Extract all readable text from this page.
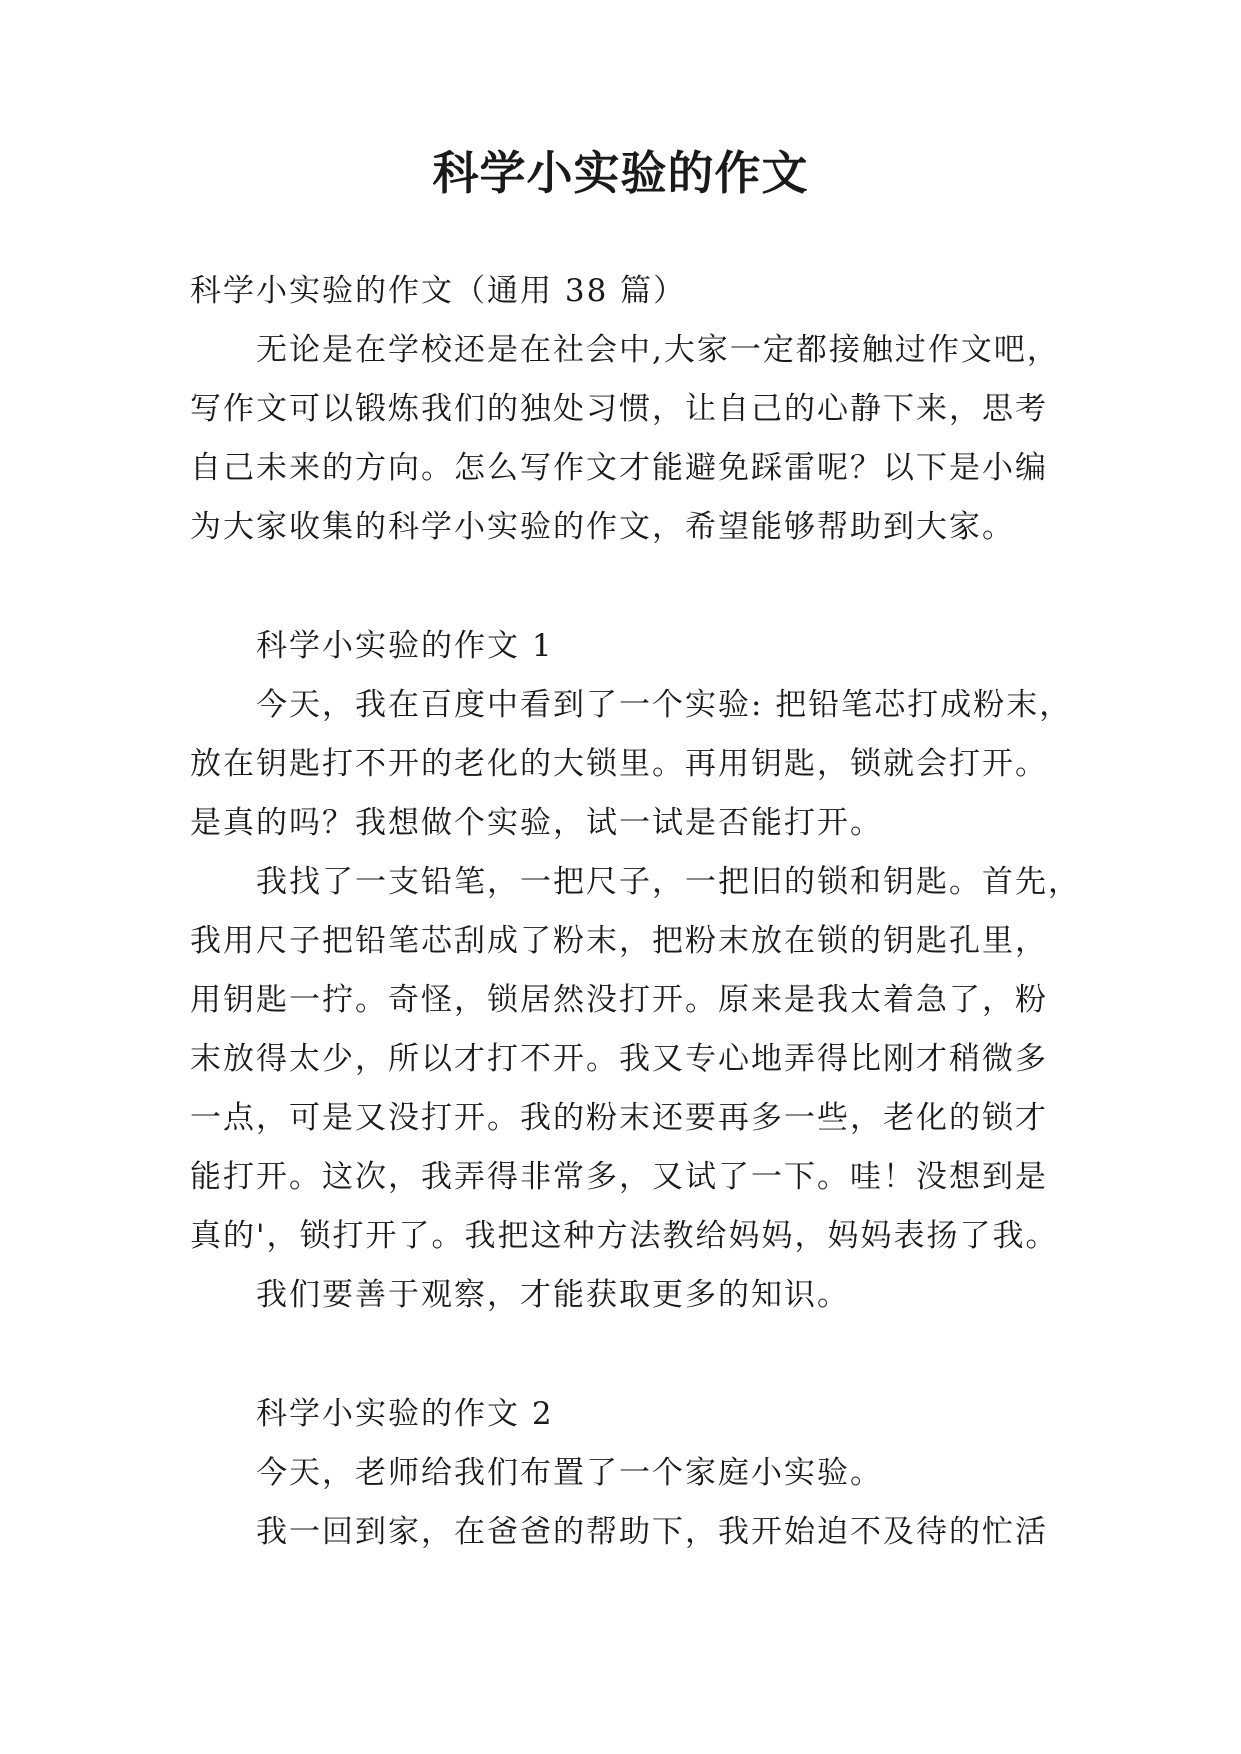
科学小实验的作文

科学小实验的作文（通用 38 篇）

无论是在学校还是在社会中,大家一定都接触过作文吧，

写作文可以锻炼我们的独处习惯，让自己的心静下来，思考

自己未来的方向。怎么写作文才能避免踩雷呢？以下是小编

为大家收集的科学小实验的作文，希望能够帮助到大家。

科学小实验的作文 1

今天，我在百度中看到了一个实验: 把铅笔芯打成粉末，

放在钥匙打不开的老化的大锁里。再用钥匙，锁就会打开。

是真的吗？我想做个实验，试一试是否能打开。

我找了一支铅笔，一把尺子，一把旧的锁和钥匙。首先，

我用尺子把铅笔芯刮成了粉末，把粉末放在锁的钥匙孔里，

用钥匙一拧。奇怪，锁居然没打开。原来是我太着急了，粉

末放得太少，所以才打不开。我又专心地弄得比刚才稍微多

一点，可是又没打开。我的粉末还要再多一些，老化的锁才

能打开。这次，我弄得非常多，又试了一下。哇！没想到是

真的'，锁打开了。我把这种方法教给妈妈，妈妈表扬了我。

我们要善于观察，才能获取更多的知识。

科学小实验的作文 2

今天，老师给我们布置了一个家庭小实验。

我一回到家，在爸爸的帮助下，我开始迫不及待的忙活
